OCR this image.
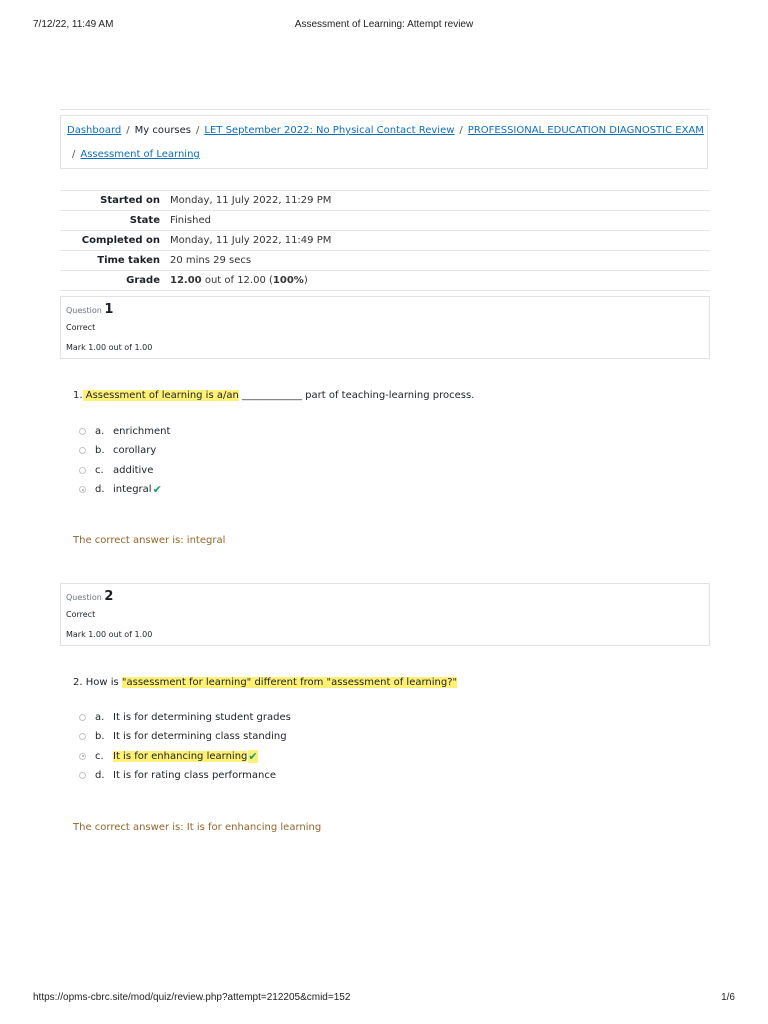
7/12/22, 11:49 AM	Assessment of Learning: Attempt review
Dashboard / My courses / LET September 2022: No Physical Contact Review / PROFESSIONAL EDUCATION DIAGNOSTIC EXAM
/ Assessment of Learning
Started on	Monday, 11 July 2022, 11:29 PM
State	Finished
Completed on	Monday, 11 July 2022, 11:49 PM
Time taken	20 mins 29 secs
Grade	12.00 out of 12.00 (100%)
Question 1
Correct
Mark 1.00 out of 1.00
1. Assessment of learning is a/an ____________ part of teaching-learning process.
a. enrichment
b. corollary
c. additive
d. integral ✔
The correct answer is: integral
Question 2
Correct
Mark 1.00 out of 1.00
2. How is "assessment for learning" different from "assessment of learning?"
a. It is for determining student grades
b. It is for determining class standing
c. It is for enhancing learning ✔
d. It is for rating class performance
The correct answer is: It is for enhancing learning
https://opms-cbrc.site/mod/quiz/review.php?attempt=212205&cmid=152	1/6
